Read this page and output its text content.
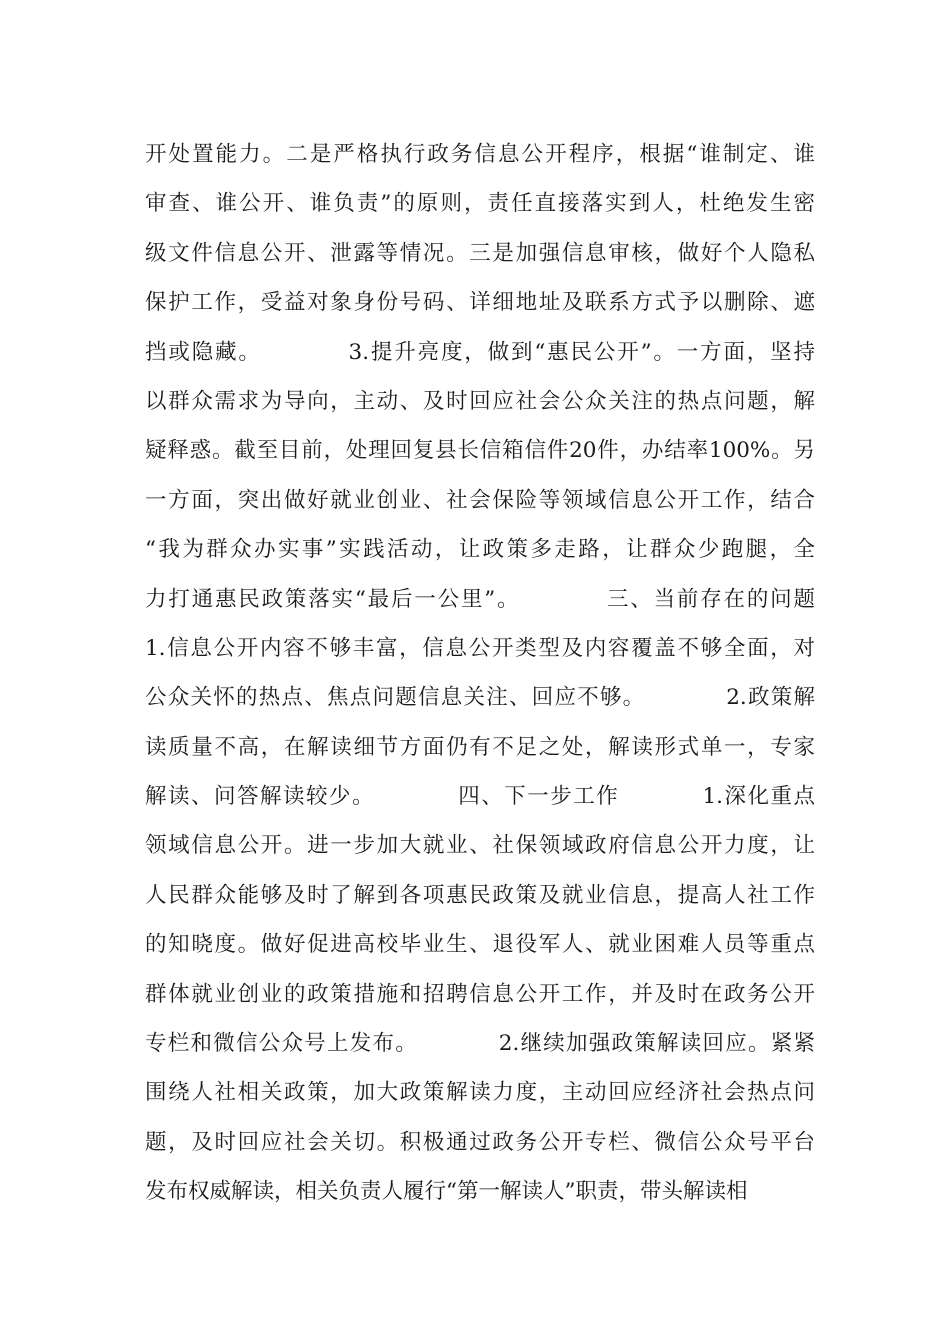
开处置能力。二是严格执行政务信息公开程序，根据“谁制定、谁
审查、谁公开、谁负责”的原则，责任直接落实到人，杜绝发生密
级文件信息公开、泄露等情况。三是加强信息审核，做好个人隐私
保护工作，受益对象身份号码、详细地址及联系方式予以删除、遮
挡或隐藏。          3.提升亮度，做到“惠民公开”。一方面，坚持
以群众需求为导向，主动、及时回应社会公众关注的热点问题，解
疑释惑。截至目前，处理回复县长信箱信件20件，办结率100%。另
一方面，突出做好就业创业、社会保险等领域信息公开工作，结合
“我为群众办实事”实践活动，让政策多走路，让群众少跑腿，全
力打通惠民政策落实“最后一公里”。          三、当前存在的问题
1.信息公开内容不够丰富，信息公开类型及内容覆盖不够全面，对
公众关怀的热点、焦点问题信息关注、回应不够。          2.政策解
读质量不高，在解读细节方面仍有不足之处，解读形式单一，专家
解读、问答解读较少。          四、下一步工作          1.深化重点
领域信息公开。进一步加大就业、社保领域政府信息公开力度，让
人民群众能够及时了解到各项惠民政策及就业信息，提高人社工作
的知晓度。做好促进高校毕业生、退役军人、就业困难人员等重点
群体就业创业的政策措施和招聘信息公开工作，并及时在政务公开
专栏和微信公众号上发布。          2.继续加强政策解读回应。紧紧
围绕人社相关政策，加大政策解读力度，主动回应经济社会热点问
题，及时回应社会关切。积极通过政务公开专栏、微信公众号平台
发布权威解读，相关负责人履行“第一解读人”职责，带头解读相
